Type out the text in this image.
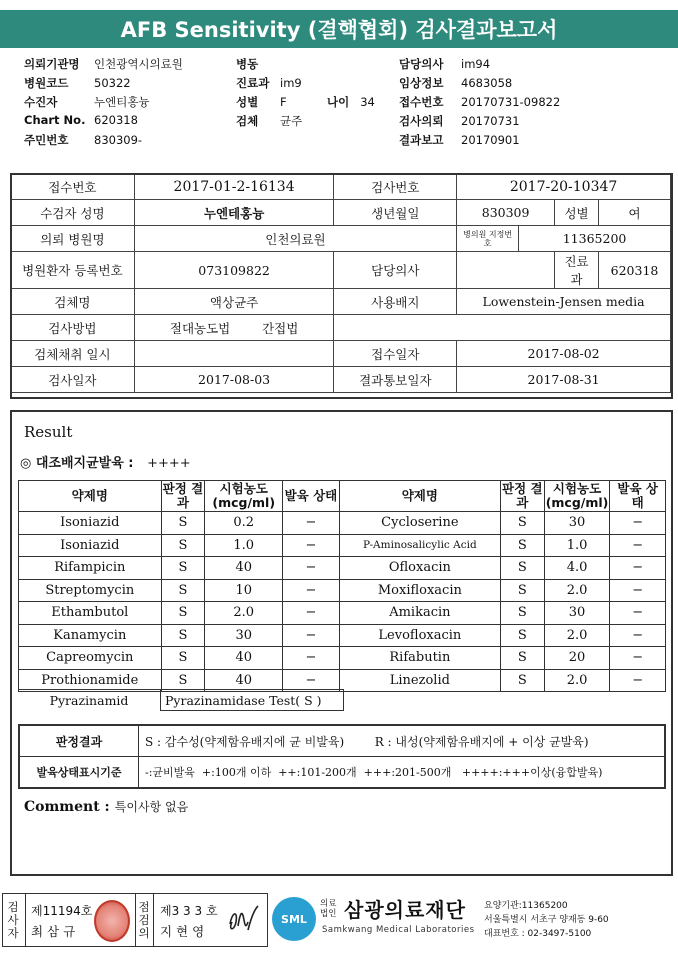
AFB Sensitivity (결핵협회) 검사결과보고서
의뢰기관명 인천광역시의료원
병원코드 50322
수진자	누엔티홍늉
Chart No. 620318
주민번호 830309-
병동
진료과 im9
성별 F
검체 균주
담당의사 im94
임상정보 4683058
접수번호 20170731-09822
검사의뢰 20170731
결과보고 20170901
나이 34
접수번호	2017-01-2-16134	검사번호	2017-20-10347			
수검자 성명	누엔테홍늉	생년월일	830309		성별	여
의뢰 병원명	인천의료원		병의원 지정번호	11365200		
병원환자 등록번호	073109822	담당의사			진료과	620318
검체명	액상균주	사용배지	Lowenstein-Jensen media			
검사방법	절대농도법 간접법					
검체채취 일시		접수일자	2017-08-02			
검사일자	2017-08-03	결과통보일자	2017-08-31			
Result
◎ 대조배지균발육 : ++++
약제명	판정 결과	시험농도 (mcg/ml)	발육 상태	약제명	판정 결과	시험농도 (mcg/ml)	발육 상태
Isoniazid	S	0.2	−	Cycloserine	S	30	−
Isoniazid	S	1.0	−	P-Aminosalicylic Acid	S	1.0	−
Rifampicin	S	40	−	Ofloxacin	S	4.0	−
Streptomycin	S	10	−	Moxifloxacin	S	2.0	−
Ethambutol	S	2.0	−	Amikacin	S	30	−
Kanamycin	S	30	−	Levofloxacin	S	2.0	−
Capreomycin	S	40	−	Rifabutin	S	20	−
Prothionamide	S	40	−	Linezolid	S	2.0	−
Pyrazinamid	Pyrazinamidase Test( S )
판정결과	S : 감수성(약제함유배지에 균 비발육) R : 내성(약제함유배지에 + 이상 균발육)
발육상태표시기준	-:균비발육  +:100개 이하  ++:101-200개  +++:201-500개   ++++:+++이상(융합발육)
Comment : 특이사항 없음
검사자
점검의
제11194호
최 삼 규
제3 3 3 호
지 현 영
SML
의료 법인 삼광의료재단
Samkwang Medical Laboratories
요양기관:11365200
서울특별시 서초구 양재동 9-60
대표번호 : 02-3497-5100
